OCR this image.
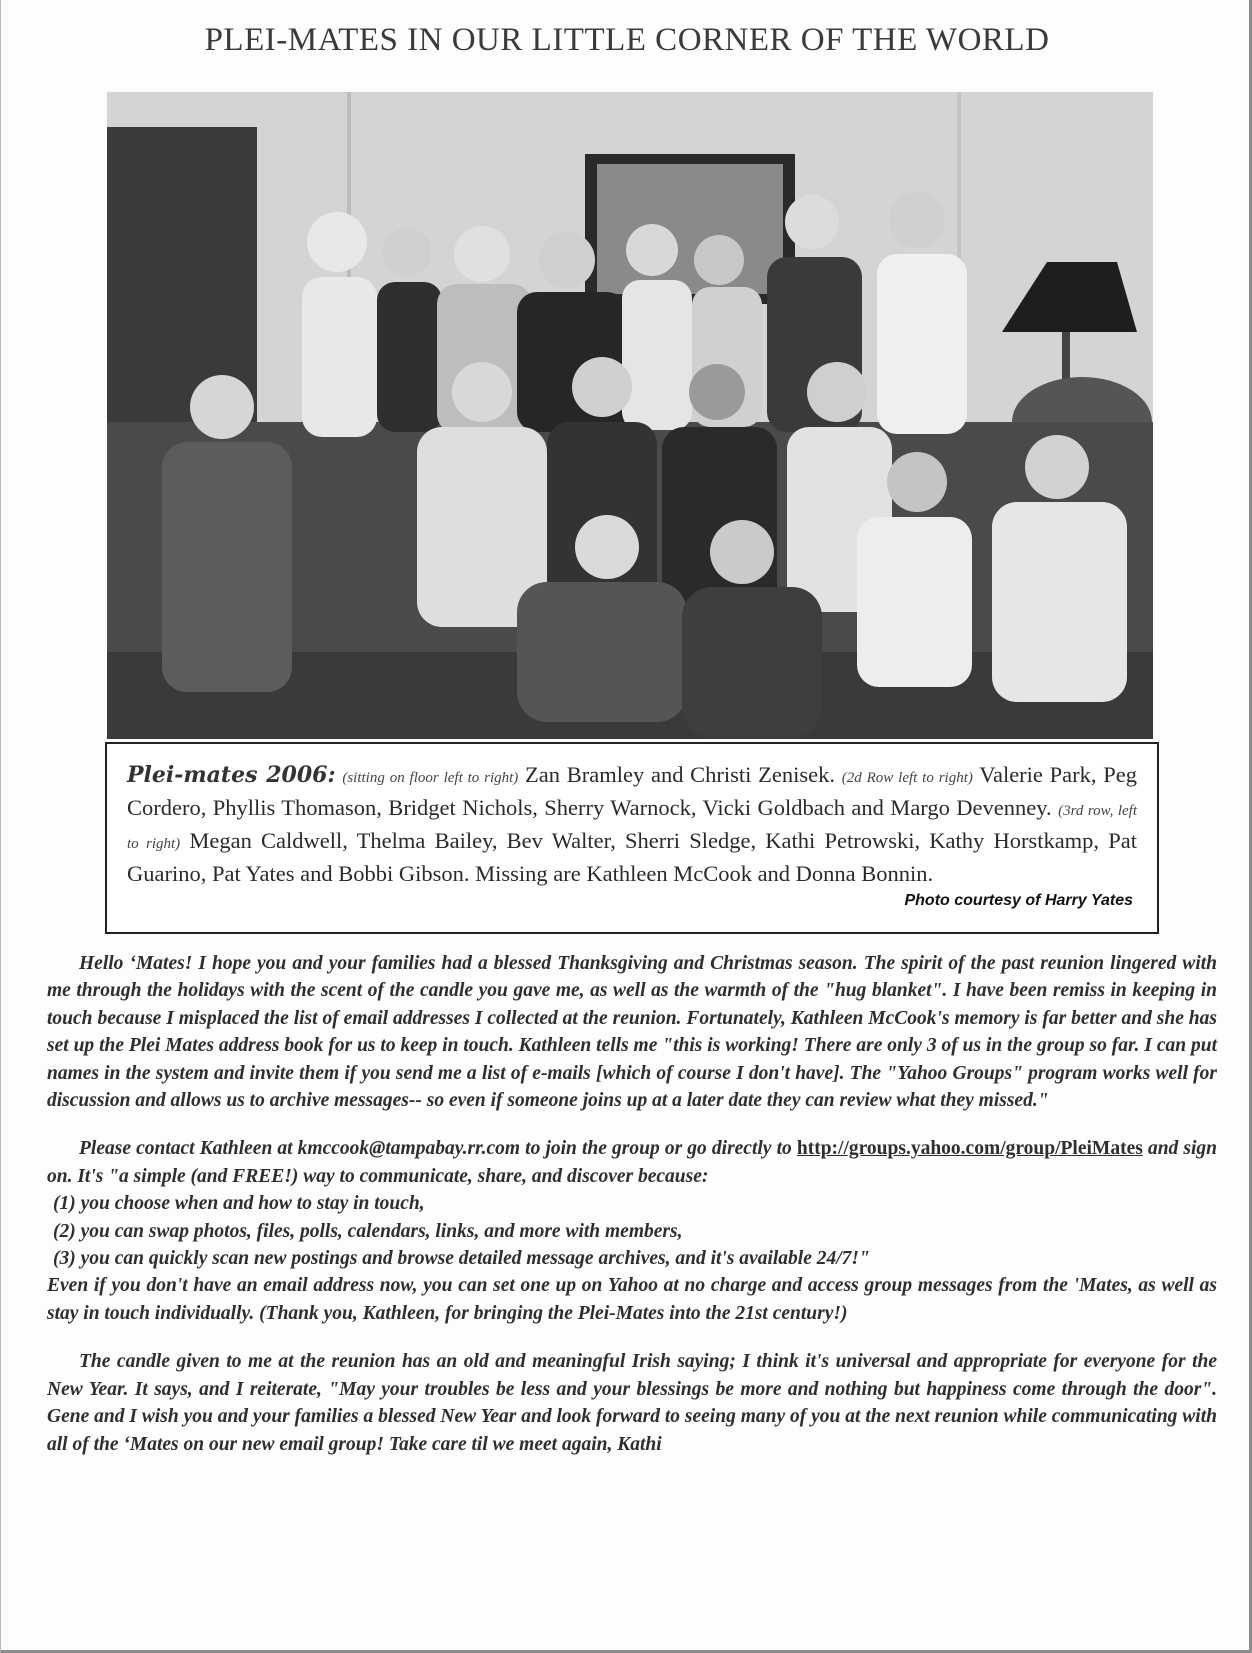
PLEI-MATES IN OUR LITTLE CORNER OF THE WORLD
Plei-mates 2006: (sitting on floor left to right) Zan Bramley and Christi Zenisek. (2d Row left to right) Valerie Park, Peg Cordero, Phyllis Thomason, Bridget Nichols, Sherry Warnock, Vicki Goldbach and Margo Devenney. (3rd row, left to right) Megan Caldwell, Thelma Bailey, Bev Walter, Sherri Sledge, Kathi Petrowski, Kathy Horstkamp, Pat Guarino, Pat Yates and Bobbi Gibson. Missing are Kathleen McCook and Donna Bonnin.
Photo courtesy of Harry Yates

Hello ‘Mates! I hope you and your families had a blessed Thanksgiving and Christmas season. The spirit of the past reunion lingered with me through the holidays with the scent of the candle you gave me, as well as the warmth of the "hug blanket". I have been remiss in keeping in touch because I misplaced the list of email addresses I collected at the reunion. Fortunately, Kathleen McCook's memory is far better and she has set up the Plei Mates address book for us to keep in touch. Kathleen tells me "this is working! There are only 3 of us in the group so far. I can put names in the system and invite them if you send me a list of e-mails [which of course I don't have]. The "Yahoo Groups" program works well for discussion and allows us to archive messages-- so even if someone joins up at a later date they can review what they missed."

Please contact Kathleen at kmccook@tampabay.rr.com to join the group or go directly to http://groups.yahoo.com/group/PleiMates and sign on. It's "a simple (and FREE!) way to communicate, share, and discover because:

(1) you choose when and how to stay in touch,

(2) you can swap photos, files, polls, calendars, links, and more with members,

(3) you can quickly scan new postings and browse detailed message archives, and it's available 24/7!"

Even if you don't have an email address now, you can set one up on Yahoo at no charge and access group messages from the 'Mates, as well as stay in touch individually. (Thank you, Kathleen, for bringing the Plei-Mates into the 21st century!)

The candle given to me at the reunion has an old and meaningful Irish saying; I think it's universal and appropriate for everyone for the New Year. It says, and I reiterate, "May your troubles be less and your blessings be more and nothing but happiness come through the door". Gene and I wish you and your families a blessed New Year and look forward to seeing many of you at the next reunion while communicating with all of the ‘Mates on our new email group! Take care til we meet again, Kathi
